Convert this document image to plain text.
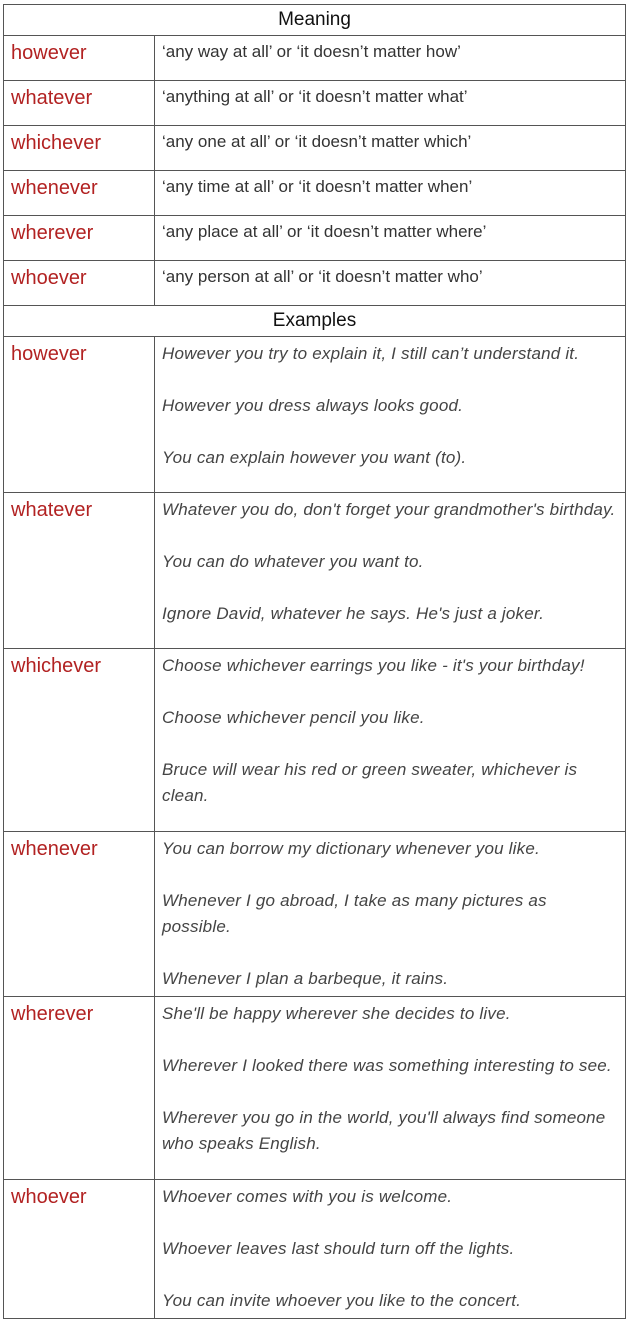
Meaning	
however	‘any way at all’ or ‘it doesn’t matter how’
whatever	‘anything at all’ or ‘it doesn’t matter what’
whichever	‘any one at all’ or ‘it doesn’t matter which’
whenever	‘any time at all’ or ‘it doesn’t matter when’
wherever	‘any place at all’ or ‘it doesn’t matter where’
whoever	‘any person at all’ or ‘it doesn’t matter who’
Examples	
however	However you try to explain it, I still can’t understand it.

However you dress always looks good.

You can explain however you want (to).

whatever	Whatever you do, don't forget your grandmother's birthday.

You can do whatever you want to.

Ignore David, whatever he says. He's just a joker.

whichever	Choose whichever earrings you like - it's your birthday!

Choose whichever pencil you like.

Bruce will wear his red or green sweater, whichever is clean.

whenever	You can borrow my dictionary whenever you like.

Whenever I go abroad, I take as many pictures as possible.

Whenever I plan a barbeque, it rains.

wherever	She'll be happy wherever she decides to live.

Wherever I looked there was something interesting to see.

Wherever you go in the world, you'll always find someone who speaks English.

whoever	Whoever comes with you is welcome.

Whoever leaves last should turn off the lights.

You can invite whoever you like to the concert.
